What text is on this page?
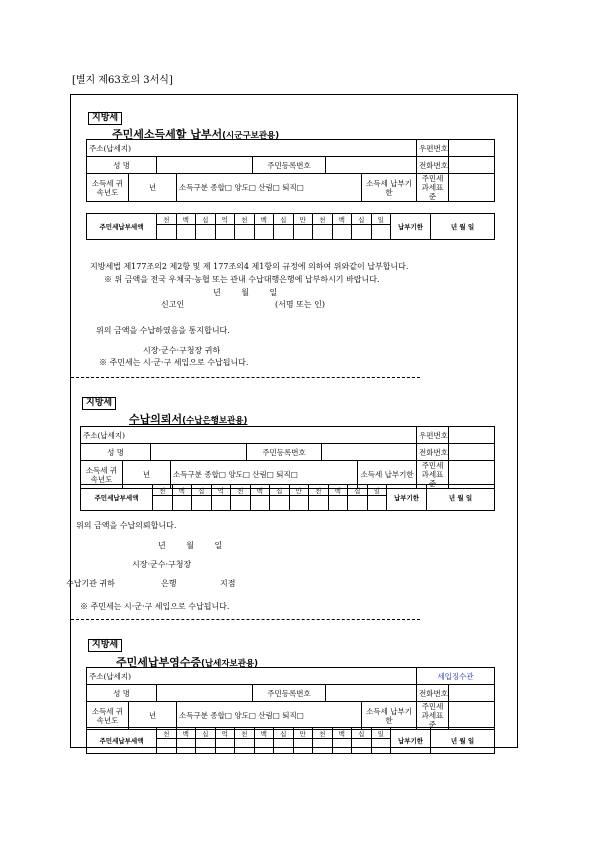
[별지 제63호의 3서식]
지방세
주민세소득세할 납부서(시군구보관용)
주소(납세지)							우편번호	
성 명				주민등록번호			전화번호	
소득세 귀속년도	년		소득구분 종합□ 양도□ 산림□ 퇴직□			소득세 납부기한	주민세 과세표준	
주민세납부세액	천	백	십	억	천	백	십	만	천	백	십	일	납부기한	년 월 일

지방세법 제177조의2 제2항 및 제 177조의4 제1항의 규정에 의하여 위와같이 납부합니다.
※ 위 금액을 전국 우체국·농협 또는 관내 수납대행은행에 납부하시기 바랍니다.
년 월 일
신고인	(서명 또는 인)
위의 금액을 수납하였음을 통지합니다.
시장·군수·구청장 귀하
※ 주민세는 시·군·구 세입으로 수납됩니다.
지방세
수납의뢰서(수납은행보관용)
주소(납세지)							우편번호	
성 명				주민등록번호			전화번호	
소득세 귀속년도	년		소득구분 종합□ 양도□ 산림□ 퇴직□			소득세 납부기한	주민세 과세표준	
주민세납부세액	천	백	십	억	천	백	십	만	천	백	십	일	납부기한	년 월 일

위의 금액을 수납의뢰합니다.
년 월 일
시장·군수·구청장
수납기관 귀하	은행	지점
※ 주민세는 시·군·구 세입으로 수납됩니다.
지방세
주민세납부영수증(납세자보관용)
주소(납세지)							세입징수관	
성 명				주민등록번호			전화번호	
소득세 귀속년도	년		소득구분 종합□ 양도□ 산림□ 퇴직□			소득세 납부기한	주민세 과세표준	
주민세납부세액	천	백	십	억	천	백	십	만	천	백	십	일	납부기한	년 월 일
